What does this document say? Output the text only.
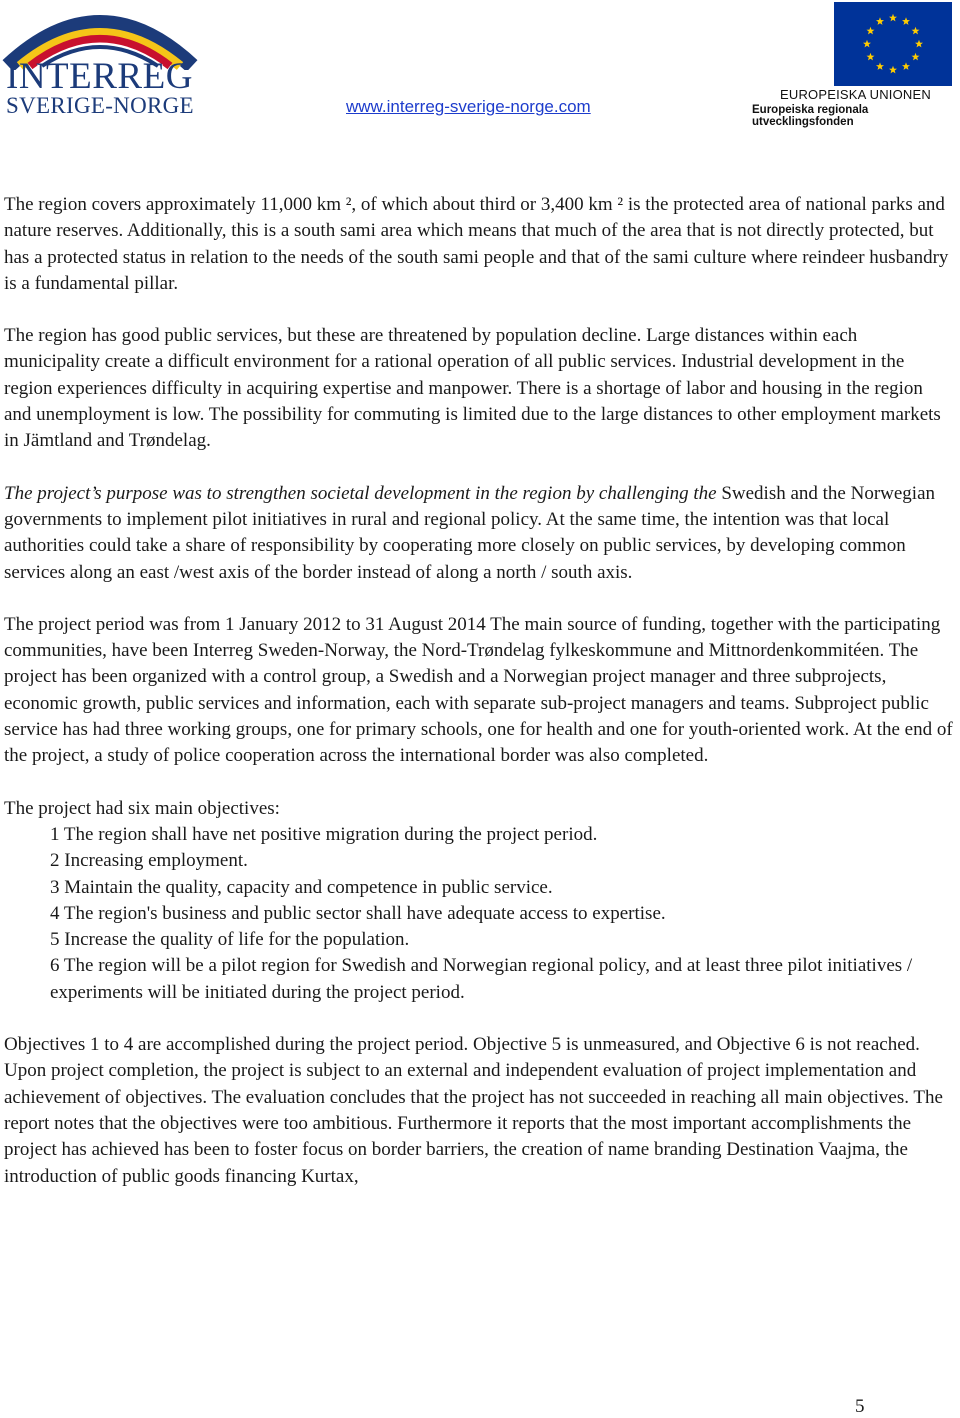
INTERREG
SVERIGE-NORGE	www.interreg-sverige-norge.com
EUROPEISKA UNIONEN
Europeiska regionala utvecklingsfonden

The region covers approximately 11,000 km ², of which about third or 3,400 km ² is the protected area of national parks and nature reserves. Additionally, this is a south sami area which means that much of the area that is not directly protected, but has a protected status in relation to the needs of the south sami people and that of the sami culture where reindeer husbandry is a fundamental pillar.

The region has good public services, but these are threatened by population decline. Large distances within each municipality create a difficult environment for a rational operation of all public services. Industrial development in the region experiences difficulty in acquiring expertise and manpower. There is a shortage of labor and housing in the region and unemployment is low. The possibility for commuting is limited due to the large distances to other employment markets in Jämtland and Trøndelag.

The project’s purpose was to strengthen societal development in the region by challenging the Swedish and the Norwegian governments to implement pilot initiatives in rural and regional policy. At the same time, the intention was that local authorities could take a share of responsibility by cooperating more closely on public services, by developing common services along an east /west axis of the border instead of along a north / south axis.

The project period was from 1 January 2012 to 31 August 2014 The main source of funding, together with the participating communities, have been Interreg Sweden-Norway, the Nord-Trøndelag fylkeskommune and Mittnordenkommitéen. The project has been organized with a control group, a Swedish and a Norwegian project manager and three subprojects, economic growth, public services and information, each with separate sub-project managers and teams. Subproject public service has had three working groups, one for primary schools, one for health and one for youth-oriented work. At the end of the project, a study of police cooperation across the international border was also completed.

The project had six main objectives:

1 The region shall have net positive migration during the project period.
2 Increasing employment.
3 Maintain the quality, capacity and competence in public service.
4 The region's business and public sector shall have adequate access to expertise.
5 Increase the quality of life for the population.
6 The region will be a pilot region for Swedish and Norwegian regional policy, and at least three pilot initiatives / experiments will be initiated during the project period.

Objectives 1 to 4 are accomplished during the project period. Objective 5 is unmeasured, and Objective 6 is not reached.

Upon project completion, the project is subject to an external and independent evaluation of project implementation and achievement of objectives. The evaluation concludes that the project has not succeeded in reaching all main objectives. The report notes that the objectives were too ambitious. Furthermore it reports that the most important accomplishments the project has achieved has been to foster focus on border barriers, the creation of name branding Destination Vaajma, the introduction of public goods financing Kurtax,

5
